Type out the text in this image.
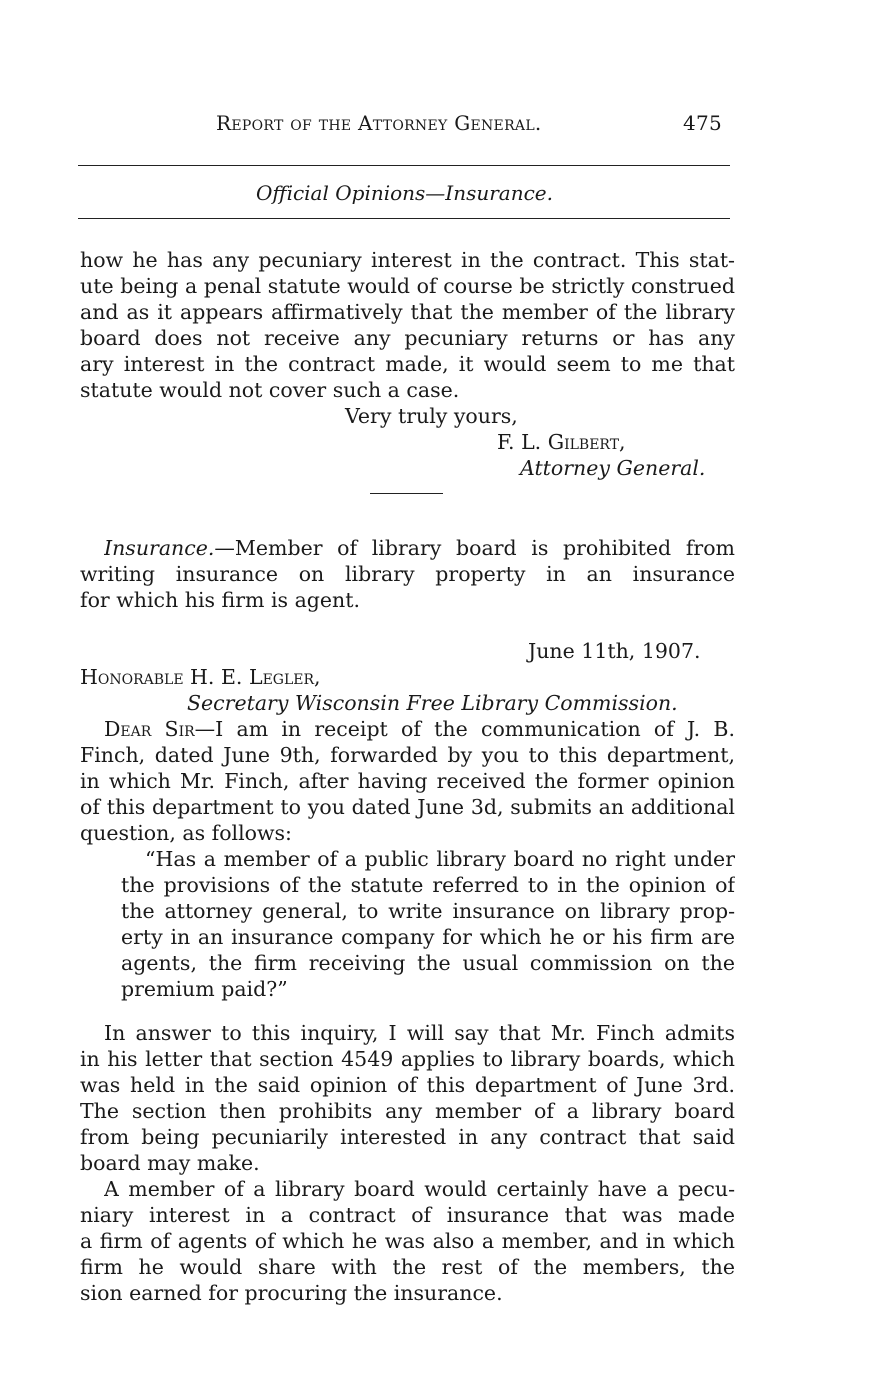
Report of the Attorney General.	475
Official Opinions—Insurance.
how he has any pecuniary interest in the contract. This stat-
ute being a penal statute would of course be strictly construed
and as it appears affirmatively that the member of the library
board does not receive any pecuniary returns or has any
ary interest in the contract made, it would seem to me that
statute would not cover such a case.
Very truly yours,
F. L. Gilbert,
Attorney General.
Insurance.—Member of library board is prohibited from
writing insurance on library property in an insurance
for which his firm is agent.
June 11th, 1907.
Honorable H. E. Legler,
Secretary Wisconsin Free Library Commission.
Dear Sir—I am in receipt of the communication of J. B.
Finch, dated June 9th, forwarded by you to this department,
in which Mr. Finch, after having received the former opinion
of this department to you dated June 3d, submits an additional
question, as follows:
“Has a member of a public library board no right under
the provisions of the statute referred to in the opinion of
the attorney general, to write insurance on library prop-
erty in an insurance company for which he or his firm are
agents, the firm receiving the usual commission on the
premium paid?”
In answer to this inquiry, I will say that Mr. Finch admits
in his letter that section 4549 applies to library boards, which
was held in the said opinion of this department of June 3rd.
The section then prohibits any member of a library board
from being pecuniarily interested in any contract that said
board may make.
A member of a library board would certainly have a pecu-
niary interest in a contract of insurance that was made
a firm of agents of which he was also a member, and in which
firm he would share with the rest of the members, the
sion earned for procuring the insurance.
